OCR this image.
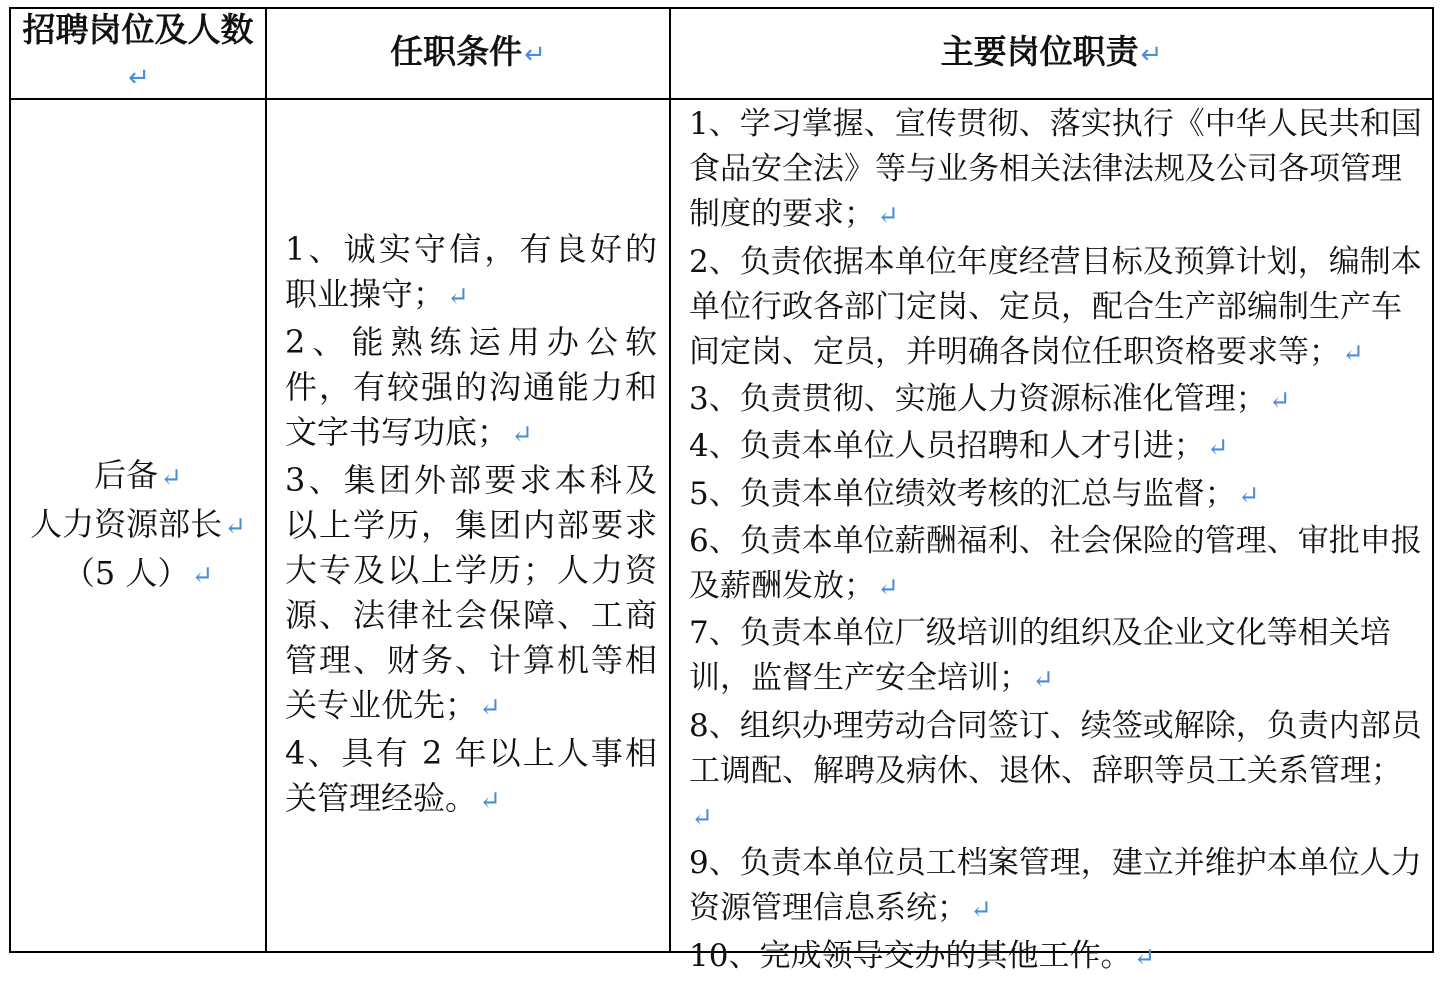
招聘岗位及人数↵
任职条件↵	主要岗位职责↵
后备↵
人力资源部长↵
（5 人）↵
1、诚实守信，有良好的职业操守；↵
2、能熟练运用办公软件，有较强的沟通能力和文字书写功底；↵
3、集团外部要求本科及以上学历，集团内部要求大专及以上学历；人力资源、法律社会保障、工商管理、财务、计算机等相关专业优先；↵
4、具有 2 年以上人事相关管理经验。↵
1、学习掌握、宣传贯彻、落实执行《中华人民共和国食品安全法》等与业务相关法律法规及公司各项管理制度的要求；↵
2、负责依据本单位年度经营目标及预算计划，编制本单位行政各部门定岗、定员，配合生产部编制生产车间定岗、定员，并明确各岗位任职资格要求等；↵
3、负责贯彻、实施人力资源标准化管理；↵
4、负责本单位人员招聘和人才引进；↵
5、负责本单位绩效考核的汇总与监督；↵
6、负责本单位薪酬福利、社会保险的管理、审批申报及薪酬发放；↵
7、负责本单位厂级培训的组织及企业文化等相关培训，监督生产安全培训；↵
8、组织办理劳动合同签订、续签或解除，负责内部员工调配、解聘及病休、退休、辞职等员工关系管理；↵
9、负责本单位员工档案管理，建立并维护本单位人力资源管理信息系统；↵
10、完成领导交办的其他工作。↵
